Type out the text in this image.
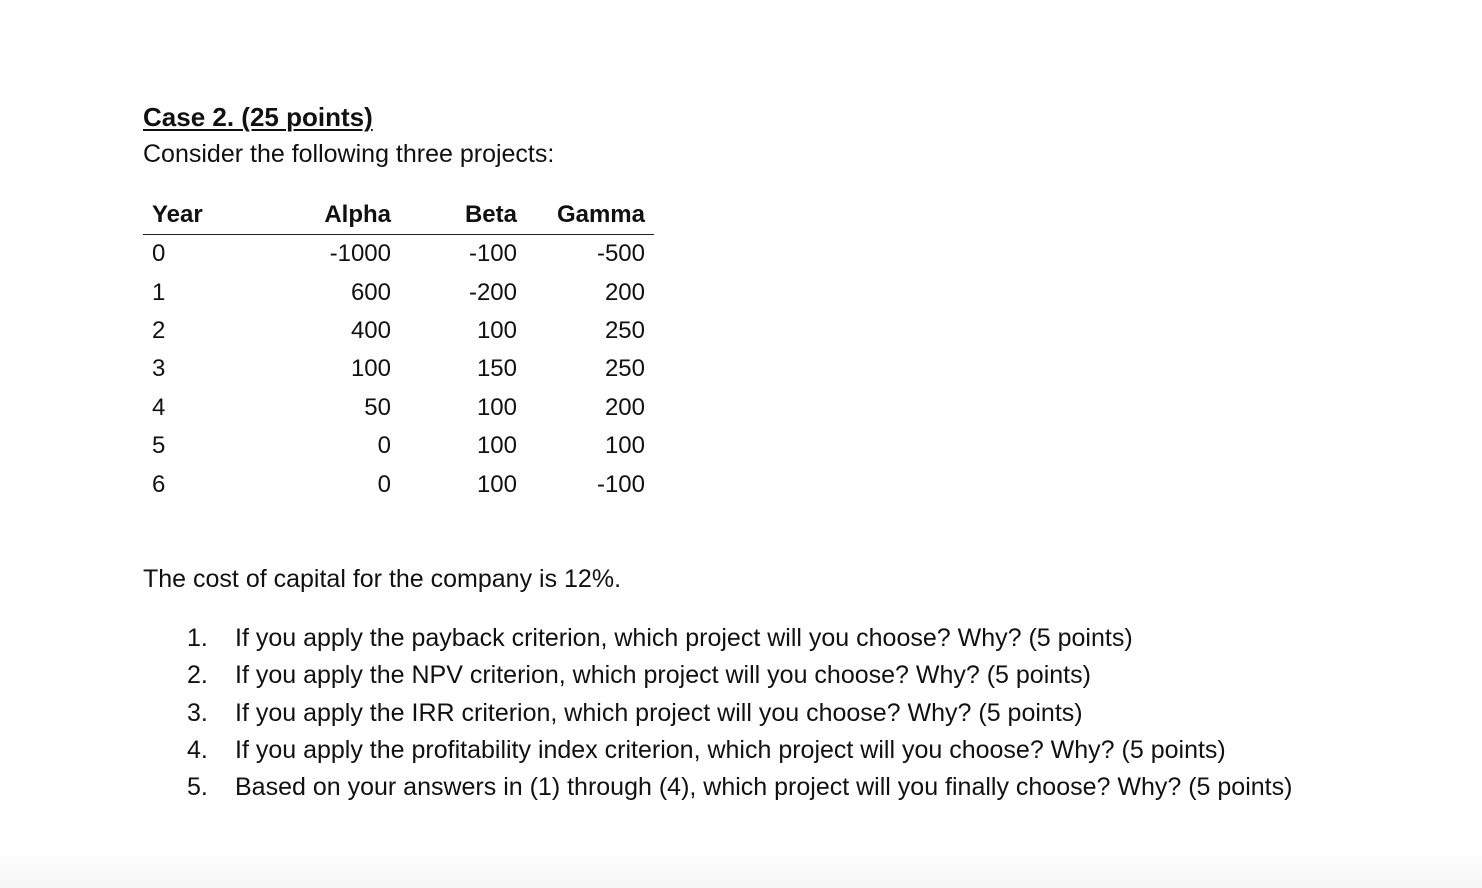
Case 2. (25 points)
Consider the following three projects:
Year	Alpha	Beta	Gamma	
0	-1000	-100	-500	
1	600	-200	200	
2	400	100	250	
3	100	150	250	
4	50	100	200	
5	0	100	100	
6	0	100	-100	
The cost of capital for the company is 12%.
1.	If you apply the payback criterion, which project will you choose? Why? (5 points)
2.	If you apply the NPV criterion, which project will you choose? Why? (5 points)
3.	If you apply the IRR criterion, which project will you choose? Why? (5 points)
4.	If you apply the profitability index criterion, which project will you choose? Why? (5 points)
5.	Based on your answers in (1) through (4), which project will you finally choose? Why? (5 points)
